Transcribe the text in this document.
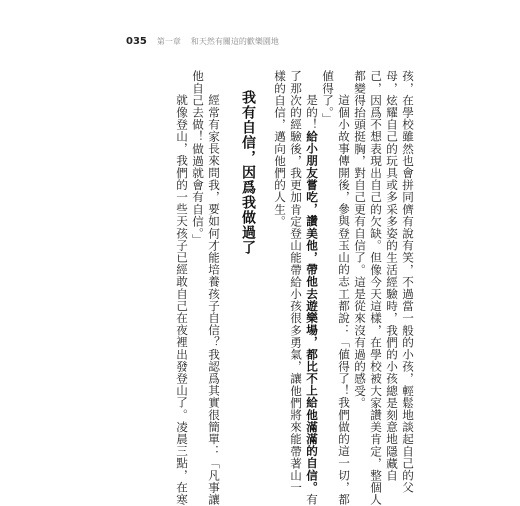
035 第一章 和天然有關這的歡樂園地
孩，在學校雖然也會拼同儕有說有笑，不過當一般的小孩，輕鬆地談起自己的父
母，炫耀自己的玩具或多采多姿的生活經驗時，我們的小孩總是刻意地隱藏自
己，因爲不想表現出自己的欠缺。但像今天這樣，在學校被大家讚美肯定，整個人
都變得抬頭挺胸，對自己更有自信了。這是從來沒有過的感受。
這個小故事傳開後，參與登玉山的志工都說：「値得了！我們做的這一切，都
値得了。」
是的！給小朋友嘗吃，讚美他，帶他去遊樂場，都比不上給他滿滿的自信。有
了那次的經驗後，我更加肯定登山能帶給小孩很多勇氣，讓他們將來能帶著山一
樣的自信，邁向他們的人生。
我有自信，因爲我做過了
經常有家長來問我，要如何才能培養孩子自信？我認爲其實很簡單：「凡事讓
他自己去做！做過就會有自信。」
就像登山，我們的一些天孩子已經敢自己在夜裡出發登山了。凌晨三點，在寒
